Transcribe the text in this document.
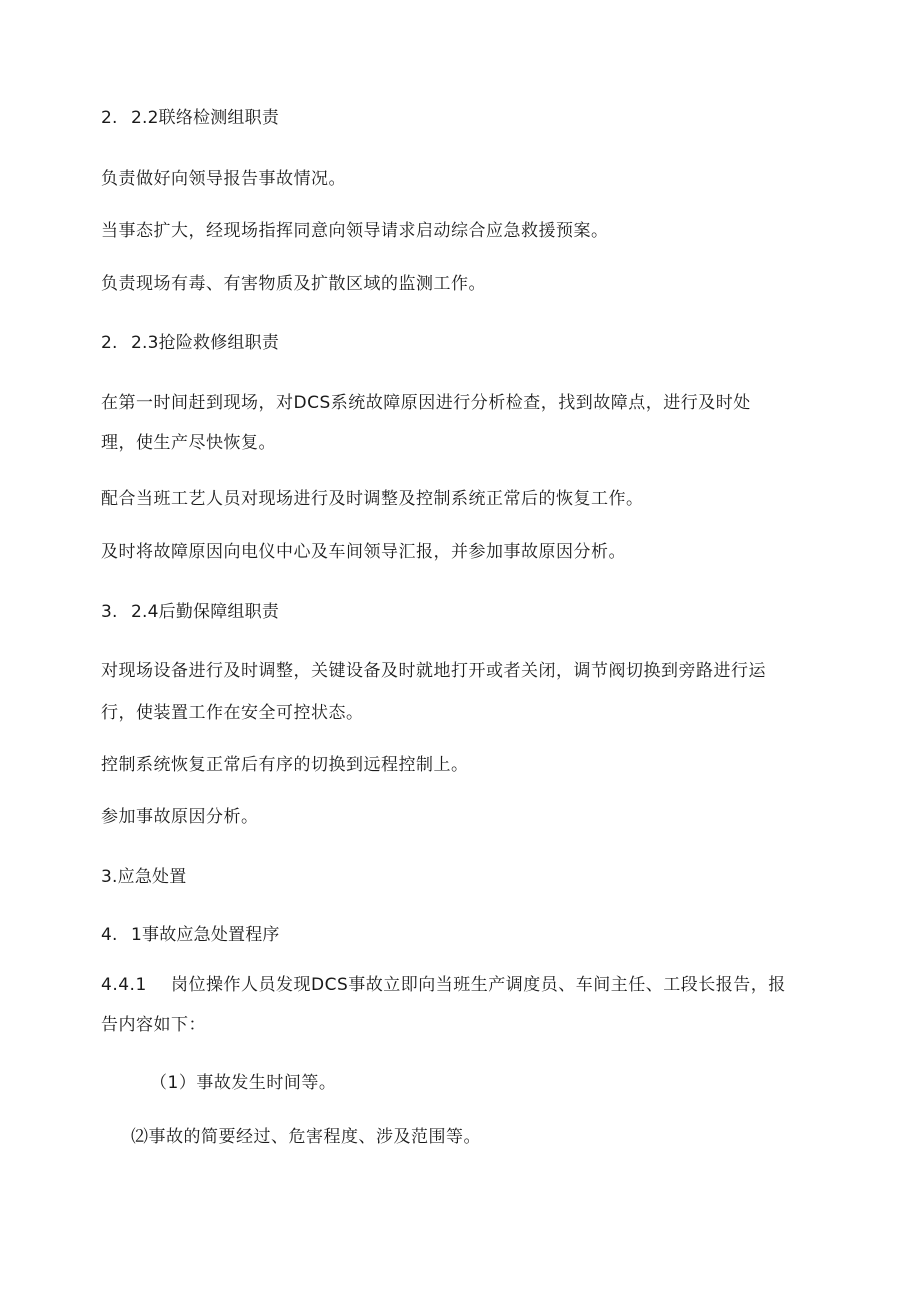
2. 2.2联络检测组职责
负责做好向领导报告事故情况。
当事态扩大，经现场指挥同意向领导请求启动综合应急救援预案。
负责现场有毒、有害物质及扩散区域的监测工作。
2. 2.3抢险救修组职责
在第一时间赶到现场，对DCS系统故障原因进行分析检查，找到故障点，进行及时处
理，使生产尽快恢复。
配合当班工艺人员对现场进行及时调整及控制系统正常后的恢复工作。
及时将故障原因向电仪中心及车间领导汇报，并参加事故原因分析。
3. 2.4后勤保障组职责
对现场设备进行及时调整，关键设备及时就地打开或者关闭，调节阀切换到旁路进行运
行，使装置工作在安全可控状态。
控制系统恢复正常后有序的切换到远程控制上。
参加事故原因分析。
3.应急处置
4. 1事故应急处置程序
4.4.1 岗位操作人员发现DCS事故立即向当班生产调度员、车间主任、工段长报告，报
告内容如下：
（1）事故发生时间等。
⑵事故的简要经过、危害程度、涉及范围等。
